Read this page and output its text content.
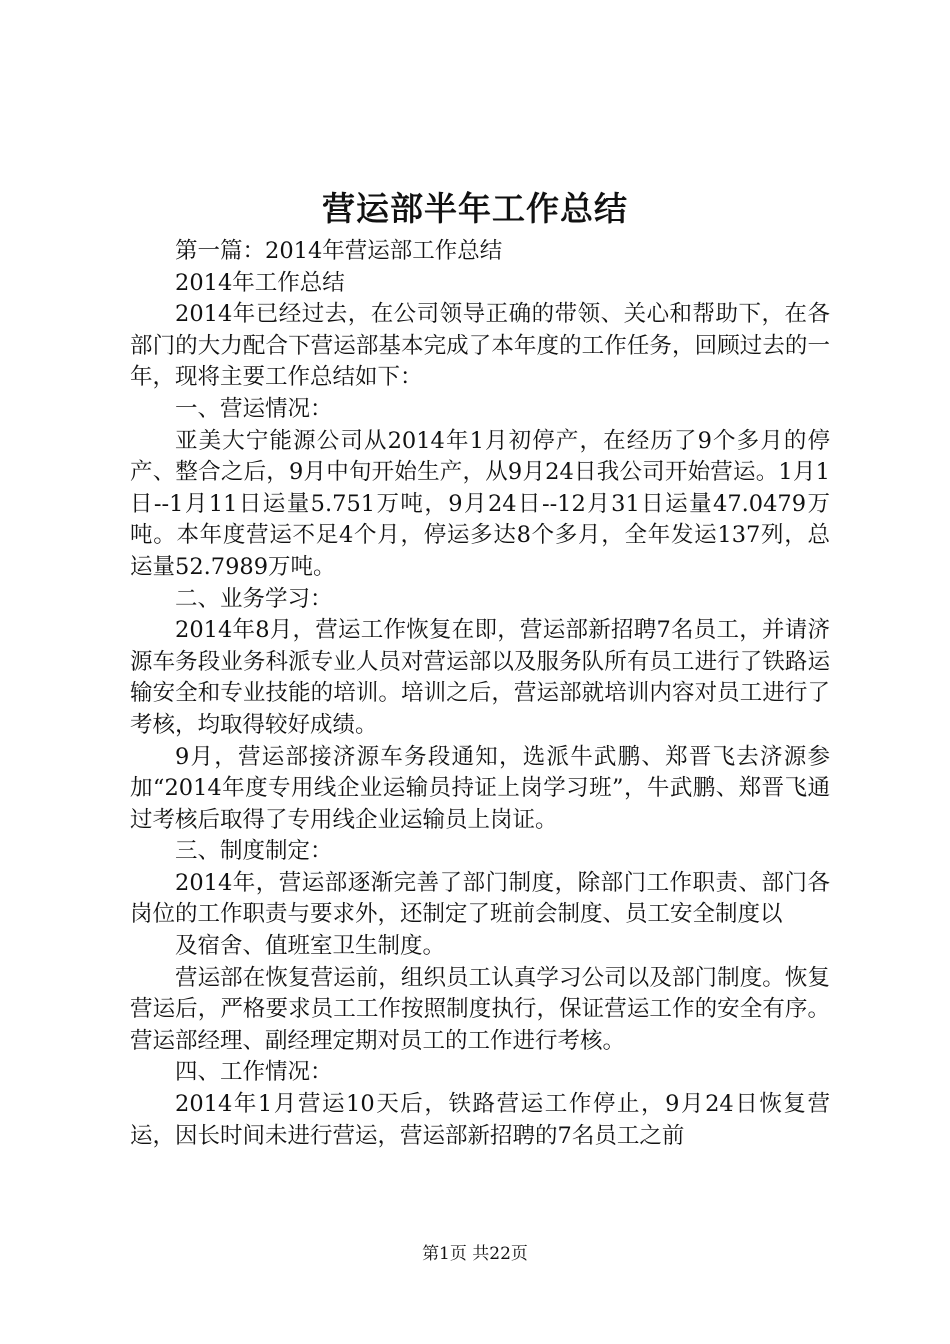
营运部半年工作总结

第一篇：2014年营运部工作总结

2014年工作总结

2014年已经过去，在公司领导正确的带领、关心和帮助下，在各部门的大力配合下营运部基本完成了本年度的工作任务，回顾过去的一年，现将主要工作总结如下：

一、营运情况：

亚美大宁能源公司从2014年1月初停产，在经历了9个多月的停产、整合之后，9月中旬开始生产，从9月24日我公司开始营运。1月1日--1月11日运量5.751万吨，9月24日--12月31日运量47.0479万吨。本年度营运不足4个月，停运多达8个多月，全年发运137列，总运量52.7989万吨。

二、业务学习：

2014年8月，营运工作恢复在即，营运部新招聘7名员工，并请济源车务段业务科派专业人员对营运部以及服务队所有员工进行了铁路运输安全和专业技能的培训。培训之后，营运部就培训内容对员工进行了考核，均取得较好成绩。

9月，营运部接济源车务段通知，选派牛武鹏、郑晋飞去济源参加“2014年度专用线企业运输员持证上岗学习班”，牛武鹏、郑晋飞通过考核后取得了专用线企业运输员上岗证。

三、制度制定：

2014年，营运部逐渐完善了部门制度，除部门工作职责、部门各岗位的工作职责与要求外，还制定了班前会制度、员工安全制度以

及宿舍、值班室卫生制度。

营运部在恢复营运前，组织员工认真学习公司以及部门制度。恢复营运后，严格要求员工工作按照制度执行，保证营运工作的安全有序。营运部经理、副经理定期对员工的工作进行考核。

四、工作情况：

2014年1月营运10天后，铁路营运工作停止，9月24日恢复营运，因长时间未进行营运，营运部新招聘的7名员工之前

第1页 共22页
